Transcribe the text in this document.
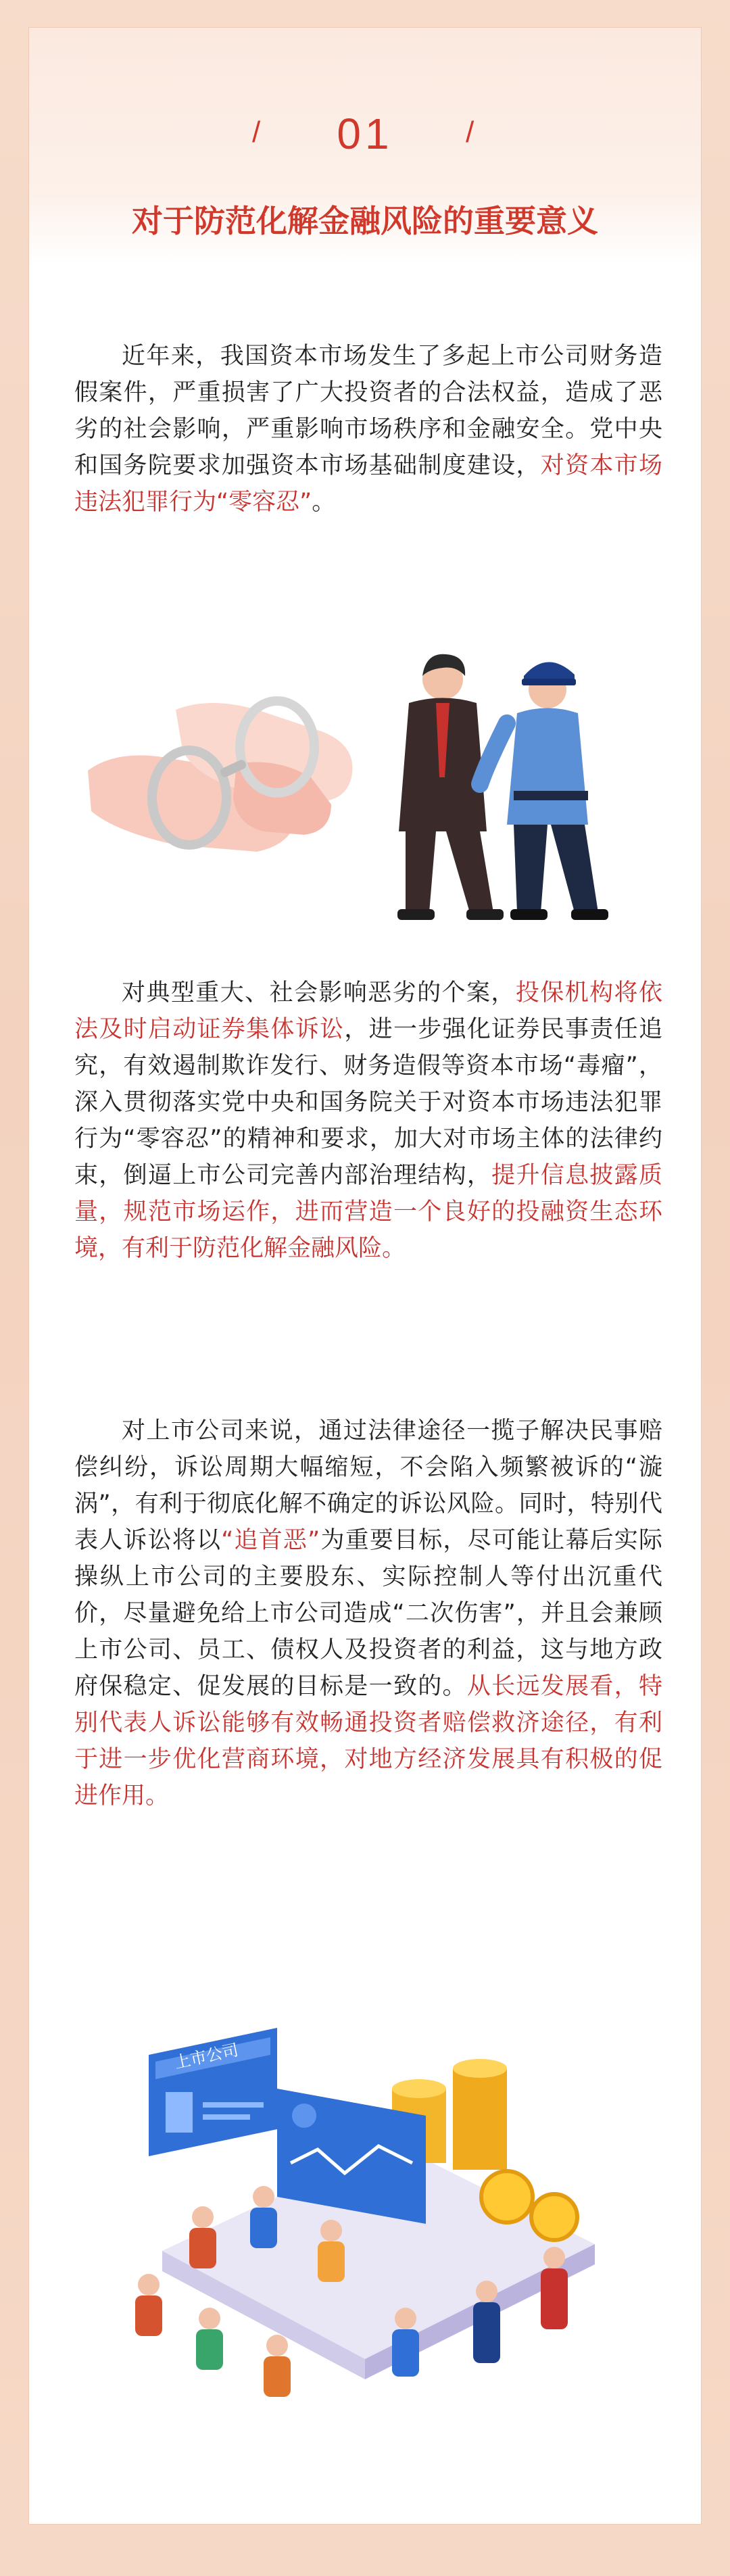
/	01	/
对于防范化解金融风险的重要意义

近年来，我国资本市场发生了多起上市公司财务造假案件，严重损害了广大投资者的合法权益，造成了恶劣的社会影响，严重影响市场秩序和金融安全。党中央和国务院要求加强资本市场基础制度建设，对资本市场违法犯罪行为“零容忍”。

对典型重大、社会影响恶劣的个案，投保机构将依法及时启动证券集体诉讼，进一步强化证券民事责任追究，有效遏制欺诈发行、财务造假等资本市场“毒瘤”，深入贯彻落实党中央和国务院关于对资本市场违法犯罪行为“零容忍”的精神和要求，加大对市场主体的法律约束，倒逼上市公司完善内部治理结构，提升信息披露质量，规范市场运作，进而营造一个良好的投融资生态环境，有利于防范化解金融风险。

对上市公司来说，通过法律途径一揽子解决民事赔偿纠纷，诉讼周期大幅缩短，不会陷入频繁被诉的“漩涡”，有利于彻底化解不确定的诉讼风险。同时，特别代表人诉讼将以“追首恶”为重要目标，尽可能让幕后实际操纵上市公司的主要股东、实际控制人等付出沉重代价，尽量避免给上市公司造成“二次伤害”，并且会兼顾上市公司、员工、债权人及投资者的利益，这与地方政府保稳定、促发展的目标是一致的。从长远发展看，特别代表人诉讼能够有效畅通投资者赔偿救济途径，有利于进一步优化营商环境，对地方经济发展具有积极的促进作用。

上市公司
